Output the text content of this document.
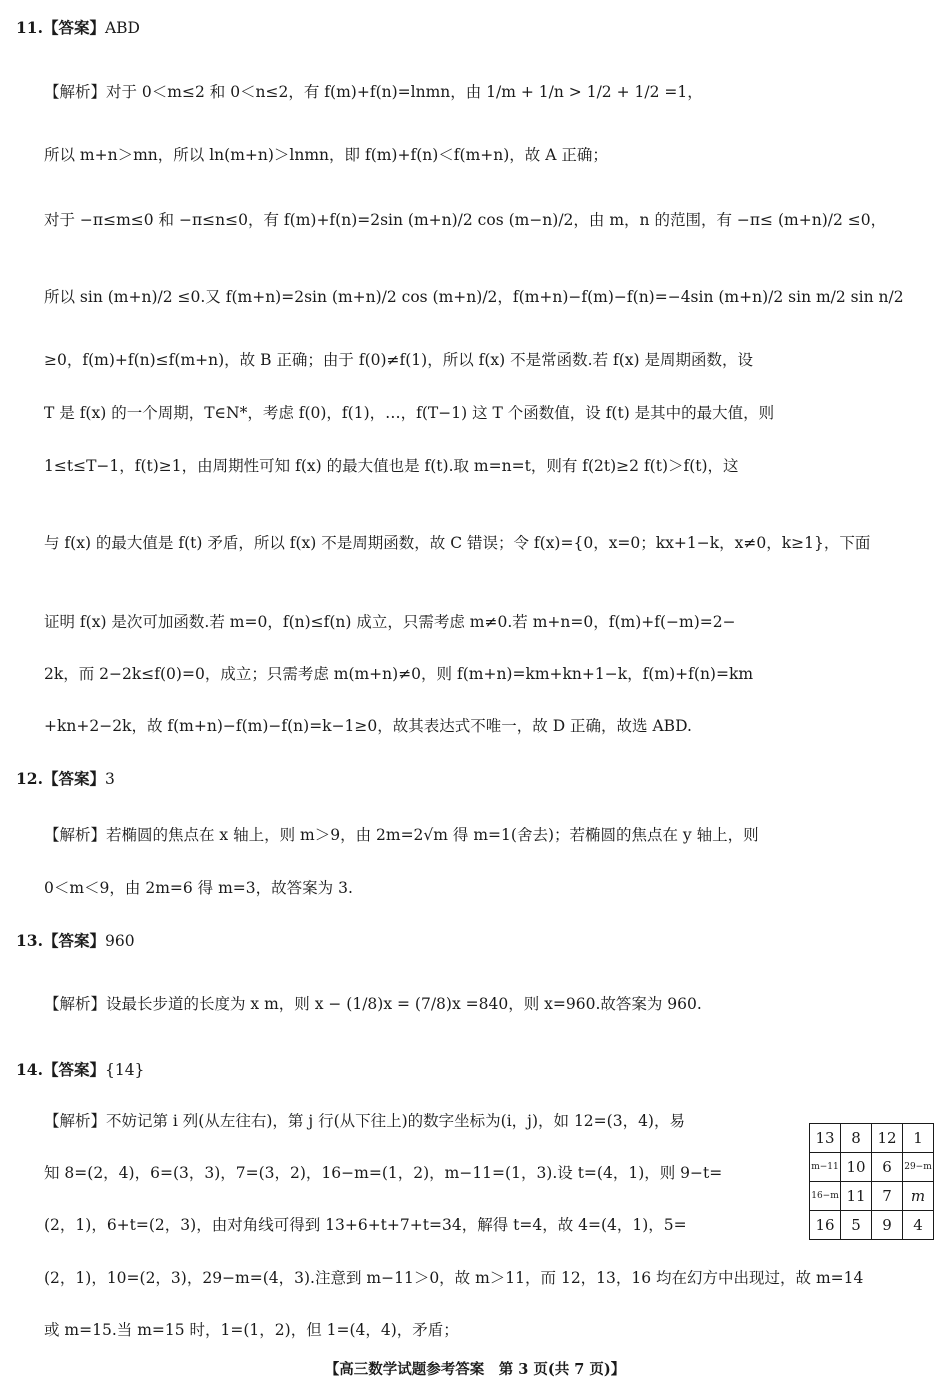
11.【答案】ABD
【解析】对于 0＜m≤2 和 0＜n≤2，有 f(m)+f(n)=lnmn，由 1/m + 1/n > 1/2 + 1/2 =1，
所以 m+n＞mn，所以 ln(m+n)＞lnmn，即 f(m)+f(n)＜f(m+n)，故 A 正确；
对于 −π≤m≤0 和 −π≤n≤0，有 f(m)+f(n)=2sin (m+n)/2 cos (m−n)/2，由 m，n 的范围，有 −π≤ (m+n)/2 ≤0，
所以 sin (m+n)/2 ≤0.又 f(m+n)=2sin (m+n)/2 cos (m+n)/2，f(m+n)−f(m)−f(n)=−4sin (m+n)/2 sin m/2 sin n/2
≥0，f(m)+f(n)≤f(m+n)，故 B 正确；由于 f(0)≠f(1)，所以 f(x) 不是常函数.若 f(x) 是周期函数，设
T 是 f(x) 的一个周期，T∈N*，考虑 f(0)，f(1)，…，f(T−1) 这 T 个函数值，设 f(t) 是其中的最大值，则
1≤t≤T−1，f(t)≥1，由周期性可知 f(x) 的最大值也是 f(t).取 m=n=t，则有 f(2t)≥2 f(t)＞f(t)，这
与 f(x) 的最大值是 f(t) 矛盾，所以 f(x) 不是周期函数，故 C 错误；令 f(x)={0，x=0；kx+1−k，x≠0，k≥1}，下面
证明 f(x) 是次可加函数.若 m=0，f(n)≤f(n) 成立，只需考虑 m≠0.若 m+n=0，f(m)+f(−m)=2−
2k，而 2−2k≤f(0)=0，成立；只需考虑 m(m+n)≠0，则 f(m+n)=km+kn+1−k，f(m)+f(n)=km
+kn+2−2k，故 f(m+n)−f(m)−f(n)=k−1≥0，故其表达式不唯一，故 D 正确，故选 ABD.
12.【答案】3
【解析】若椭圆的焦点在 x 轴上，则 m＞9，由 2m=2√m 得 m=1(舍去)；若椭圆的焦点在 y 轴上，则
0＜m＜9，由 2m=6 得 m=3，故答案为 3.
13.【答案】960
【解析】设最长步道的长度为 x m，则 x − (1/8)x = (7/8)x =840，则 x=960.故答案为 960.
14.【答案】{14}
【解析】不妨记第 i 列(从左往右)，第 j 行(从下往上)的数字坐标为(i，j)，如 12=(3，4)，易
知 8=(2，4)，6=(3，3)，7=(3，2)，16−m=(1，2)，m−11=(1，3).设 t=(4，1)，则 9−t=
(2，1)，6+t=(2，3)，由对角线可得到 13+6+t+7+t=34，解得 t=4，故 4=(4，1)，5=
(2，1)，10=(2，3)，29−m=(4，3).注意到 m−11＞0，故 m＞11，而 12，13，16 均在幻方中出现过，故 m=14
或 m=15.当 m=15 时，1=(1，2)，但 1=(4，4)，矛盾；
13	8	12	1
m−11	10	6	29−m
16−m	11	7	m
16	5	9	4
【高三数学试题参考答案　第 3 页(共 7 页)】
